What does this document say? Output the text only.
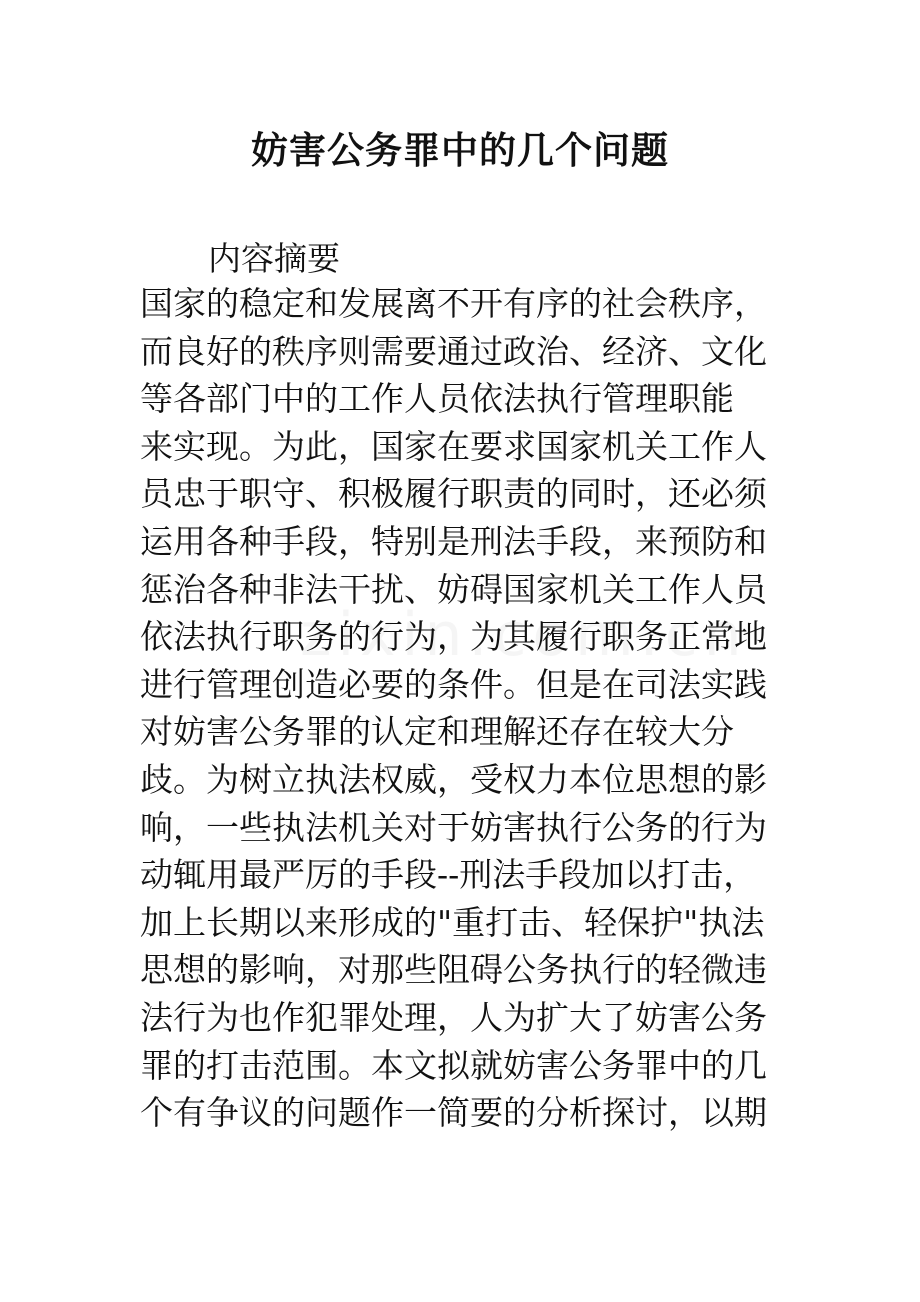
妨害公务罪中的几个问题

内容摘要

国家的稳定和发展离不开有序的社会秩序，
而良好的秩序则需要通过政治、经济、文化
等各部门中的工作人员依法执行管理职能
来实现。为此，国家在要求国家机关工作人
员忠于职守、积极履行职责的同时，还必须
运用各种手段，特别是刑法手段，来预防和
惩治各种非法干扰、妨碍国家机关工作人员
依法执行职务的行为，为其履行职务正常地
进行管理创造必要的条件。但是在司法实践
对妨害公务罪的认定和理解还存在较大分
歧。为树立执法权威，受权力本位思想的影
响，一些执法机关对于妨害执行公务的行为
动辄用最严厉的手段--刑法手段加以打击，
加上长期以来形成的"重打击、轻保护"执法
思想的影响，对那些阻碍公务执行的轻微违
法行为也作犯罪处理，人为扩大了妨害公务
罪的打击范围。本文拟就妨害公务罪中的几
个有争议的问题作一简要的分析探讨，以期
